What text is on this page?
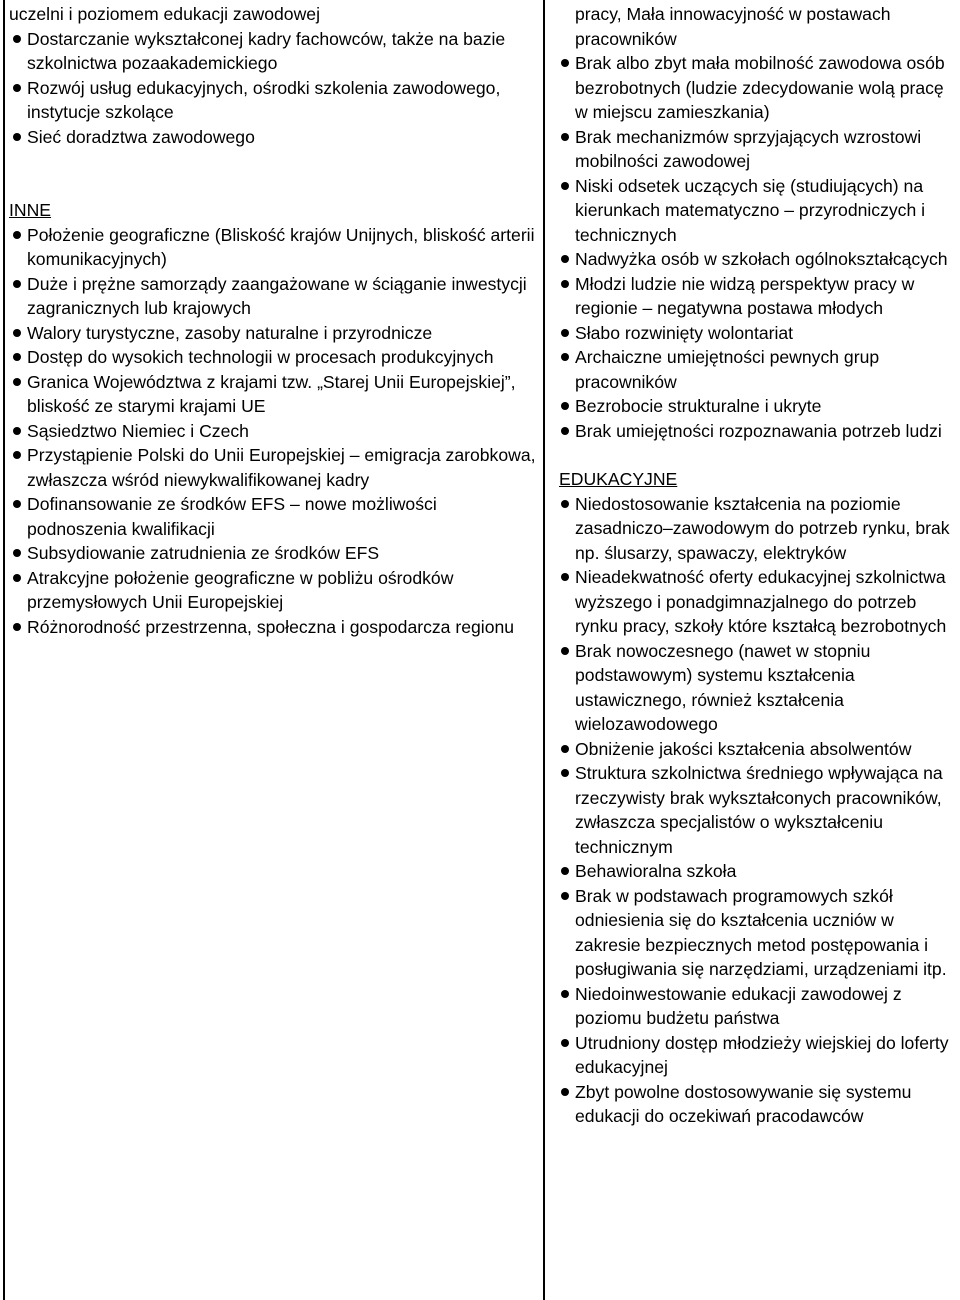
uczelni i poziomem edukacji zawodowej
Dostarczanie wykształconej kadry fachowców, także na bazie szkolnictwa pozaakademickiego
Rozwój usług edukacyjnych, ośrodki szkolenia zawodowego, instytucje szkolące
Sieć doradztwa zawodowego
INNE
Położenie geograficzne (Bliskość krajów Unijnych, bliskość arterii komunikacyjnych)
Duże i prężne samorządy zaangażowane w ściąganie inwestycji zagranicznych lub krajowych
Walory turystyczne, zasoby naturalne i przyrodnicze
Dostęp do wysokich technologii w procesach produkcyjnych
Granica Województwa z krajami tzw. „Starej Unii Europejskiej”, bliskość ze starymi krajami UE
Sąsiedztwo Niemiec i Czech
Przystąpienie Polski do Unii Europejskiej – emigracja zarobkowa, zwłaszcza wśród niewykwalifikowanej kadry
Dofinansowanie ze środków EFS – nowe możliwości podnoszenia kwalifikacji
Subsydiowanie zatrudnienia ze środków EFS
Atrakcyjne położenie geograficzne w pobliżu ośrodków przemysłowych Unii Europejskiej
Różnorodność przestrzenna, społeczna i gospodarcza regionu

pracy, Mała innowacyjność w postawach pracowników
Brak albo zbyt mała mobilność zawodowa osób bezrobotnych (ludzie zdecydowanie wolą pracę w miejscu zamieszkania)
Brak mechanizmów sprzyjających wzrostowi mobilności zawodowej
Niski odsetek uczących się (studiujących) na kierunkach matematyczno – przyrodniczych i technicznych
Nadwyżka osób w szkołach ogólnokształcących
Młodzi ludzie nie widzą perspektyw pracy w regionie – negatywna postawa młodych
Słabo rozwinięty wolontariat
Archaiczne umiejętności pewnych grup pracowników
Bezrobocie strukturalne i ukryte
Brak umiejętności rozpoznawania potrzeb ludzi
EDUKACYJNE
Niedostosowanie kształcenia na poziomie zasadniczo–zawodowym do potrzeb rynku, brak np. ślusarzy, spawaczy, elektryków
Nieadekwatność oferty edukacyjnej szkolnictwa wyższego i ponadgimnazjalnego do potrzeb rynku pracy, szkoły które kształcą bezrobotnych
Brak nowoczesnego (nawet w stopniu podstawowym) systemu kształcenia ustawicznego, również kształcenia wielozawodowego
Obniżenie jakości kształcenia absolwentów
Struktura szkolnictwa średniego wpływająca na rzeczywisty brak wykształconych pracowników, zwłaszcza specjalistów o wykształceniu technicznym
Behawioralna szkoła
Brak w podstawach programowych szkół odniesienia się do kształcenia uczniów w zakresie bezpiecznych metod postępowania i posługiwania się narzędziami, urządzeniami itp.
Niedoinwestowanie edukacji zawodowej z poziomu budżetu państwa
Utrudniony dostęp młodzieży wiejskiej do loferty edukacyjnej
Zbyt powolne dostosowywanie się systemu edukacji do oczekiwań pracodawców
